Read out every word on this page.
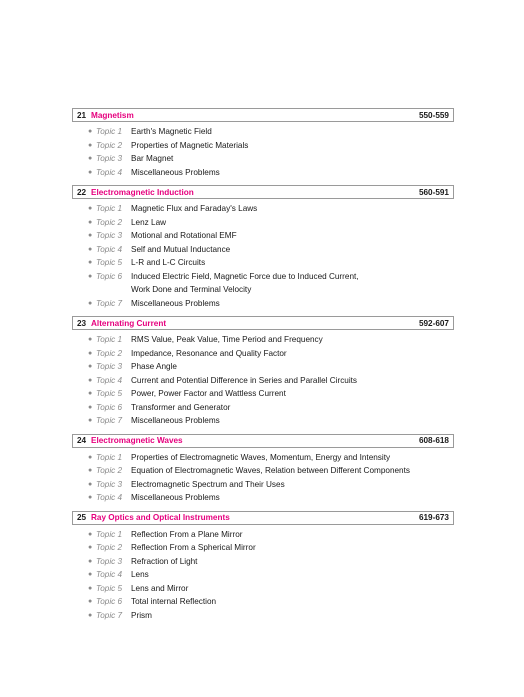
21 Magnetism	550-559
● Topic 1	Earth's Magnetic Field
● Topic 2	Properties of Magnetic Materials
● Topic 3	Bar Magnet
● Topic 4	Miscellaneous Problems
22 Electromagnetic Induction	560-591
● Topic 1	Magnetic Flux and Faraday's Laws
● Topic 2	Lenz Law
● Topic 3	Motional and Rotational EMF
● Topic 4	Self and Mutual Inductance
● Topic 5	L-R and L-C Circuits
● Topic 6	Induced Electric Field, Magnetic Force due to Induced Current,
Work Done and Terminal Velocity
● Topic 7	Miscellaneous Problems
23 Alternating Current	592-607
● Topic 1	RMS Value, Peak Value, Time Period and Frequency
● Topic 2	Impedance, Resonance and Quality Factor
● Topic 3	Phase Angle
● Topic 4	Current and Potential Difference in Series and Parallel Circuits
● Topic 5	Power, Power Factor and Wattless Current
● Topic 6	Transformer and Generator
● Topic 7	Miscellaneous Problems
24 Electromagnetic Waves	608-618
● Topic 1	Properties of Electromagnetic Waves, Momentum, Energy and Intensity
● Topic 2	Equation of Electromagnetic Waves, Relation between Different Components
● Topic 3	Electromagnetic Spectrum and Their Uses
● Topic 4	Miscellaneous Problems
25 Ray Optics and Optical Instruments	619-673
● Topic 1	Reflection From a Plane Mirror
● Topic 2	Reflection From a Spherical Mirror
● Topic 3	Refraction of Light
● Topic 4	Lens
● Topic 5	Lens and Mirror
● Topic 6	Total internal Reflection
● Topic 7	Prism
